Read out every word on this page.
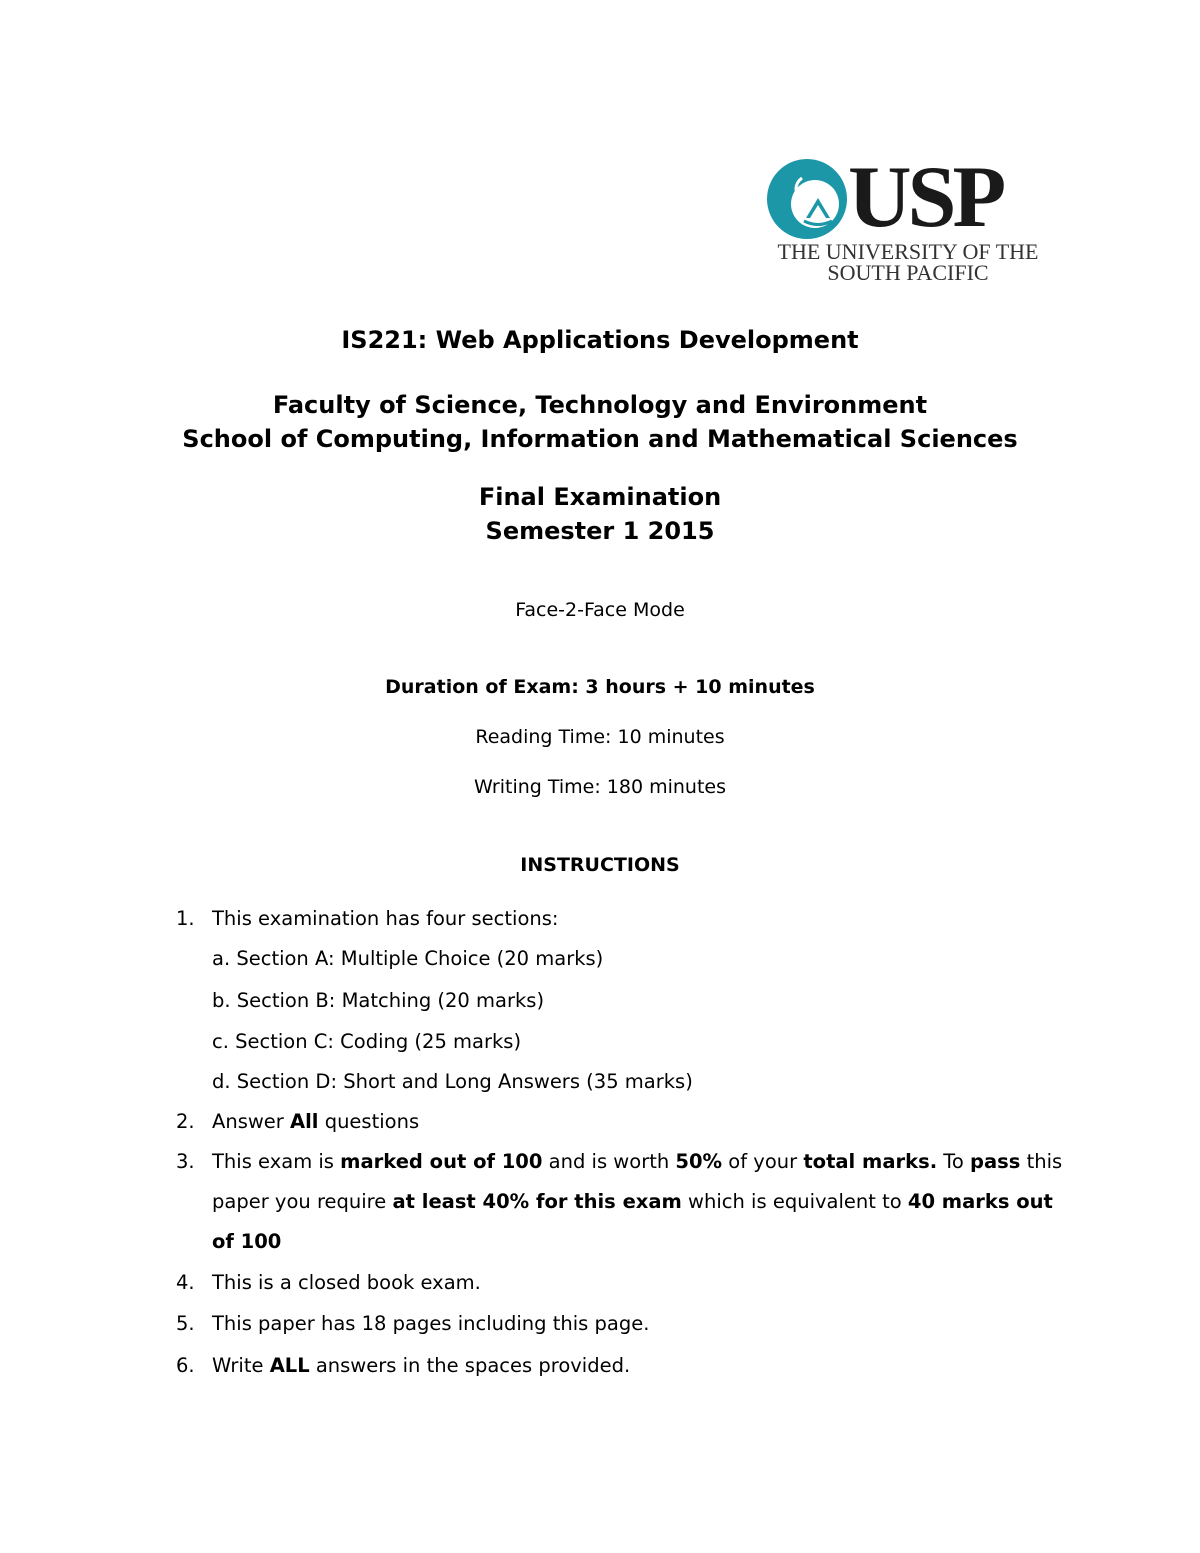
USP
THE UNIVERSITY OF THE
SOUTH PACIFIC
IS221: Web Applications Development
Faculty of Science, Technology and Environment
School of Computing, Information and Mathematical Sciences
Final Examination
Semester 1 2015
Face-2-Face Mode
Duration of Exam: 3 hours + 10 minutes
Reading Time: 10 minutes
Writing Time: 180 minutes
INSTRUCTIONS
1. This examination has four sections:
a. Section A: Multiple Choice (20 marks)
b. Section B: Matching (20 marks)
c. Section C: Coding (25 marks)
d. Section D: Short and Long Answers (35 marks)
2. Answer All questions
3. This exam is marked out of 100 and is worth 50% of your total marks. To pass this
paper you require at least 40% for this exam which is equivalent to 40 marks out
of 100
4. This is a closed book exam.
5. This paper has 18 pages including this page.
6. Write ALL answers in the spaces provided.
